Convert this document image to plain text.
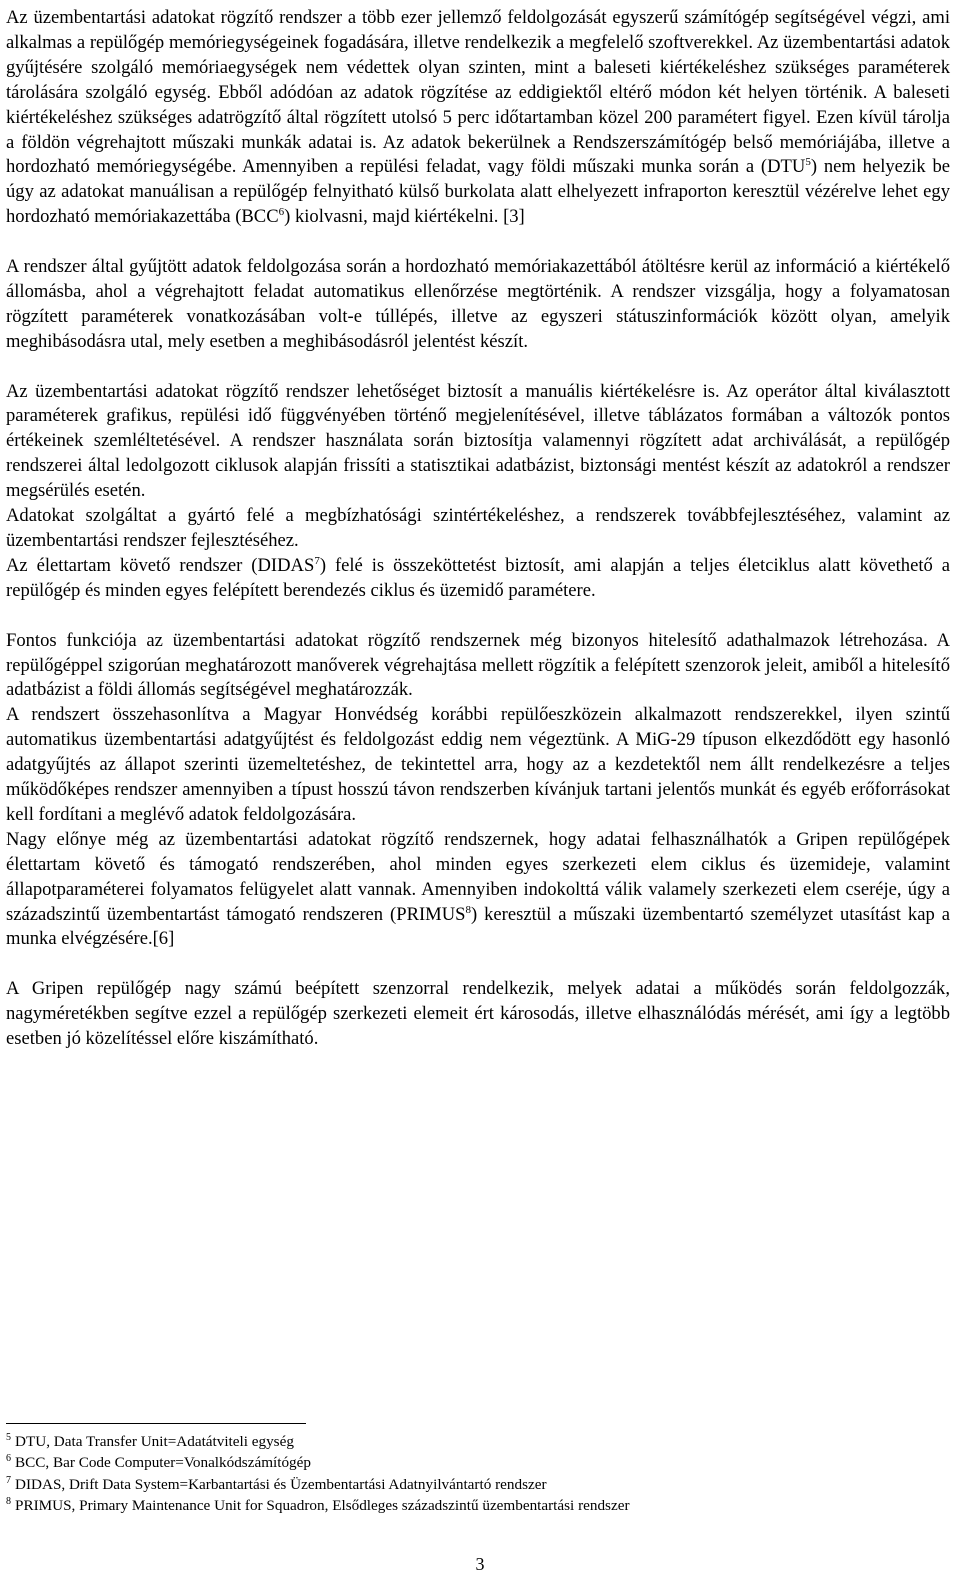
Az üzembentartási adatokat rögzítő rendszer a több ezer jellemző feldolgozását egyszerű számítógép segítségével végzi, ami alkalmas a repülőgép memóriegységeinek fogadására, illetve rendelkezik a megfelelő szoftverekkel. Az üzembentartási adatok gyűjtésére szolgáló memóriaegységek nem védettek olyan szinten, mint a baleseti kiértékeléshez szükséges paraméterek tárolására szolgáló egység. Ebből adódóan az adatok rögzítése az eddigiektől eltérő módon két helyen történik. A baleseti kiértékeléshez szükséges adatrögzítő által rögzített utolsó 5 perc időtartamban közel 200 paramétert figyel. Ezen kívül tárolja a földön végrehajtott műszaki munkák adatai is. Az adatok bekerülnek a Rendszerszámítógép belső memóriájába, illetve a hordozható memóriegységébe. Amennyiben a repülési feladat, vagy földi műszaki munka során a (DTU$^5$) nem helyezik be úgy az adatokat manuálisan a repülőgép felnyitható külső burkolata alatt elhelyezett infraporton keresztül vézérelve lehet egy hordozható memóriakazettába (BCC$^6$) kiolvasni, majd kiértékelni. [3]

A rendszer által gyűjtött adatok feldolgozása során a hordozható memóriakazettából átöltésre kerül az információ a kiértékelő állomásba, ahol a végrehajtott feladat automatikus ellenőrzése megtörténik. A rendszer vizsgálja, hogy a folyamatosan rögzített paraméterek vonatkozásában volt-e túllépés, illetve az egyszeri státuszinformációk között olyan, amelyik meghibásodásra utal, mely esetben a meghibásodásról jelentést készít.

Az üzembentartási adatokat rögzítő rendszer lehetőséget biztosít a manuális kiértékelésre is. Az operátor által kiválasztott paraméterek grafikus, repülési idő függvényében történő megjelenítésével, illetve táblázatos formában a változók pontos értékeinek szemléltetésével. A rendszer használata során biztosítja valamennyi rögzített adat archiválását, a repülőgép rendszerei által ledolgozott ciklusok alapján frissíti a statisztikai adatbázist, biztonsági mentést készít az adatokról a rendszer megsérülés esetén.

Adatokat szolgáltat a gyártó felé a megbízhatósági szintértékeléshez, a rendszerek továbbfejlesztéséhez, valamint az üzembentartási rendszer fejlesztéséhez.

Az élettartam követő rendszer (DIDAS$^7$) felé is összeköttetést biztosít, ami alapján a teljes életciklus alatt követhető a repülőgép és minden egyes felépített berendezés ciklus és üzemidő paramétere.

Fontos funkciója az üzembentartási adatokat rögzítő rendszernek még bizonyos hitelesítő adathalmazok létrehozása. A repülőgéppel szigorúan meghatározott manőverek végrehajtása mellett rögzítik a felépített szenzorok jeleit, amiből a hitelesítő adatbázist a földi állomás segítségével meghatározzák.

A rendszert összehasonlítva a Magyar Honvédség korábbi repülőeszközein alkalmazott rendszerekkel, ilyen szintű automatikus üzembentartási adatgyűjtést és feldolgozást eddig nem végeztünk. A MiG-29 típuson elkezdődött egy hasonló adatgyűjtés az állapot szerinti üzemeltetéshez, de tekintettel arra, hogy az a kezdetektől nem állt rendelkezésre a teljes működőképes rendszer amennyiben a típust hosszú távon rendszerben kívánjuk tartani jelentős munkát és egyéb erőforrásokat kell fordítani a meglévő adatok feldolgozására.

Nagy előnye még az üzembentartási adatokat rögzítő rendszernek, hogy adatai felhasználhatók a Gripen repülőgépek élettartam követő és támogató rendszerében, ahol minden egyes szerkezeti elem ciklus és üzemideje, valamint állapotparaméterei folyamatos felügyelet alatt vannak. Amennyiben indokolttá válik valamely szerkezeti elem cseréje, úgy a századszintű üzembentartást támogató rendszeren (PRIMUS$^8$) keresztül a műszaki üzembentartó személyzet utasítást kap a munka elvégzésére.[6]

A Gripen repülőgép nagy számú beépített szenzorral rendelkezik, melyek adatai a működés során feldolgozzák, nagyméretékben segítve ezzel a repülőgép szerkezeti elemeit ért károsodás, illetve elhasználódás mérését, ami így a legtöbb esetben jó közelítéssel előre kiszámítható.

$^5$ DTU, Data Transfer Unit=Adatátviteli egység

$^6$ BCC, Bar Code Computer=Vonalkódszámítógép

$^7$ DIDAS, Drift Data System=Karbantartási és Üzembentartási Adatnyilvántartó rendszer

$^8$ PRIMUS, Primary Maintenance Unit for Squadron, Elsődleges századszintű üzembentartási rendszer

3
